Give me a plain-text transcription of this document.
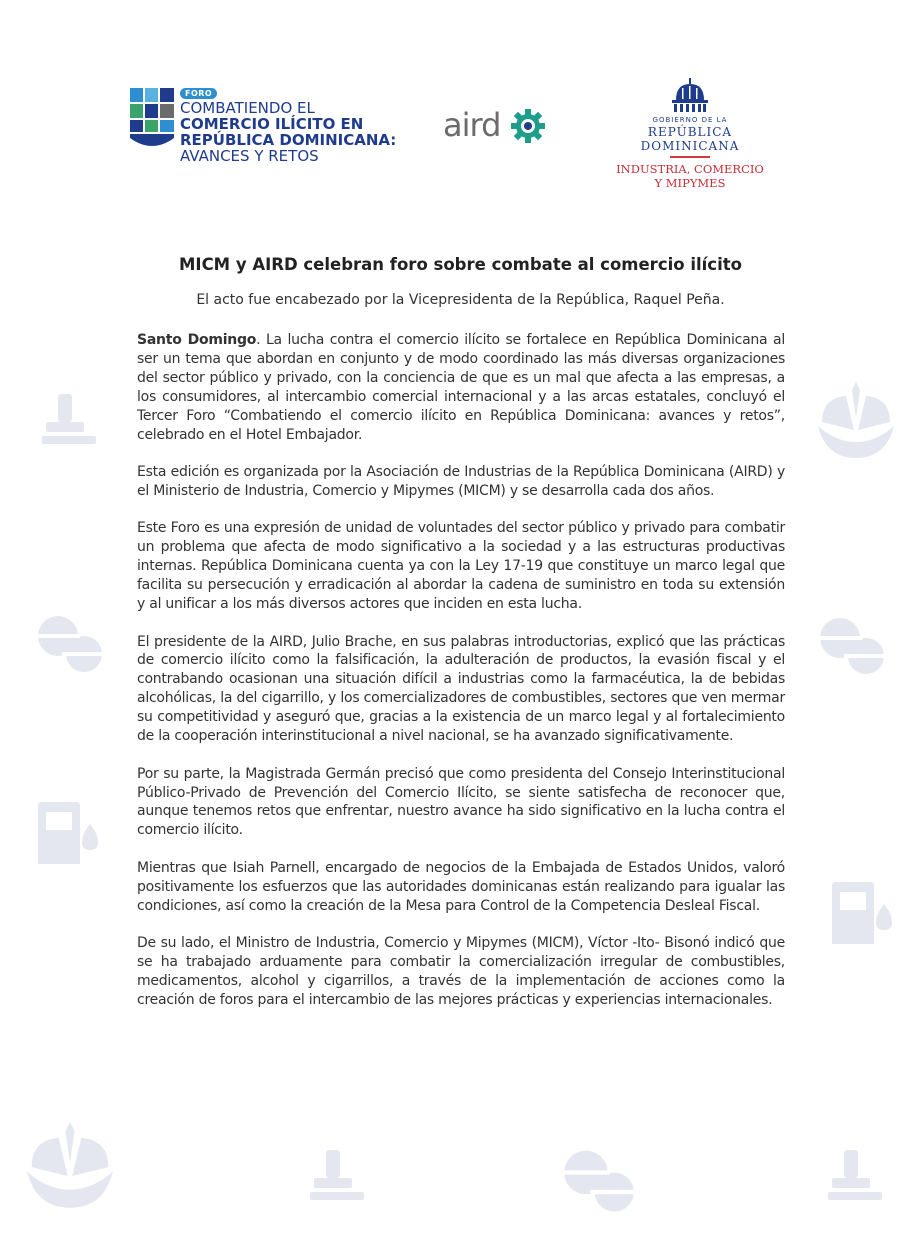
FORO
COMBATIENDO EL
COMERCIO ILÍCITO EN
REPÚBLICA DOMINICANA:
AVANCES Y RETOS
aird	GOBIERNO DE LA
REPÚBLICA DOMINICANA
INDUSTRIA, COMERCIO
Y MIPYMES
MICM y AIRD celebran foro sobre combate al comercio ilícito
El acto fue encabezado por la Vicepresidenta de la República, Raquel Peña.

Santo Domingo. La lucha contra el comercio ilícito se fortalece en República Dominicana al ser un tema que abordan en conjunto y de modo coordinado las más diversas organizaciones del sector público y privado, con la conciencia de que es un mal que afecta a las empresas, a los consumidores, al intercambio comercial internacional y a las arcas estatales, concluyó el Tercer Foro “Combatiendo el comercio ilícito en República Dominicana: avances y retos”, celebrado en el Hotel Embajador.

Esta edición es organizada por la Asociación de Industrias de la República Dominicana (AIRD) y el Ministerio de Industria, Comercio y Mipymes (MICM) y se desarrolla cada dos años.

Este Foro es una expresión de unidad de voluntades del sector público y privado para combatir un problema que afecta de modo significativo a la sociedad y a las estructuras productivas internas. República Dominicana cuenta ya con la Ley 17-19 que constituye un marco legal que facilita su persecución y erradicación al abordar la cadena de suministro en toda su extensión y al unificar a los más diversos actores que inciden en esta lucha.

El presidente de la AIRD, Julio Brache, en sus palabras introductorias, explicó que las prácticas de comercio ilícito como la falsificación, la adulteración de productos, la evasión fiscal y el contrabando ocasionan una situación difícil a industrias como la farmacéutica, la de bebidas alcohólicas, la del cigarrillo, y los comercializadores de combustibles, sectores que ven mermar su competitividad y aseguró que, gracias a la existencia de un marco legal y al fortalecimiento de la cooperación interinstitucional a nivel nacional, se ha avanzado significativamente.

Por su parte, la Magistrada Germán precisó que como presidenta del Consejo Interinstitucional Público-Privado de Prevención del Comercio Ilícito, se siente satisfecha de reconocer que, aunque tenemos retos que enfrentar, nuestro avance ha sido significativo en la lucha contra el comercio ilícito.

Mientras que Isiah Parnell, encargado de negocios de la Embajada de Estados Unidos, valoró positivamente los esfuerzos que las autoridades dominicanas están realizando para igualar las condiciones, así como la creación de la Mesa para Control de la Competencia Desleal Fiscal.

De su lado, el Ministro de Industria, Comercio y Mipymes (MICM), Víctor -Ito- Bisonó indicó que se ha trabajado arduamente para combatir la comercialización irregular de combustibles, medicamentos, alcohol y cigarrillos, a través de la implementación de acciones como la creación de foros para el intercambio de las mejores prácticas y experiencias internacionales.
